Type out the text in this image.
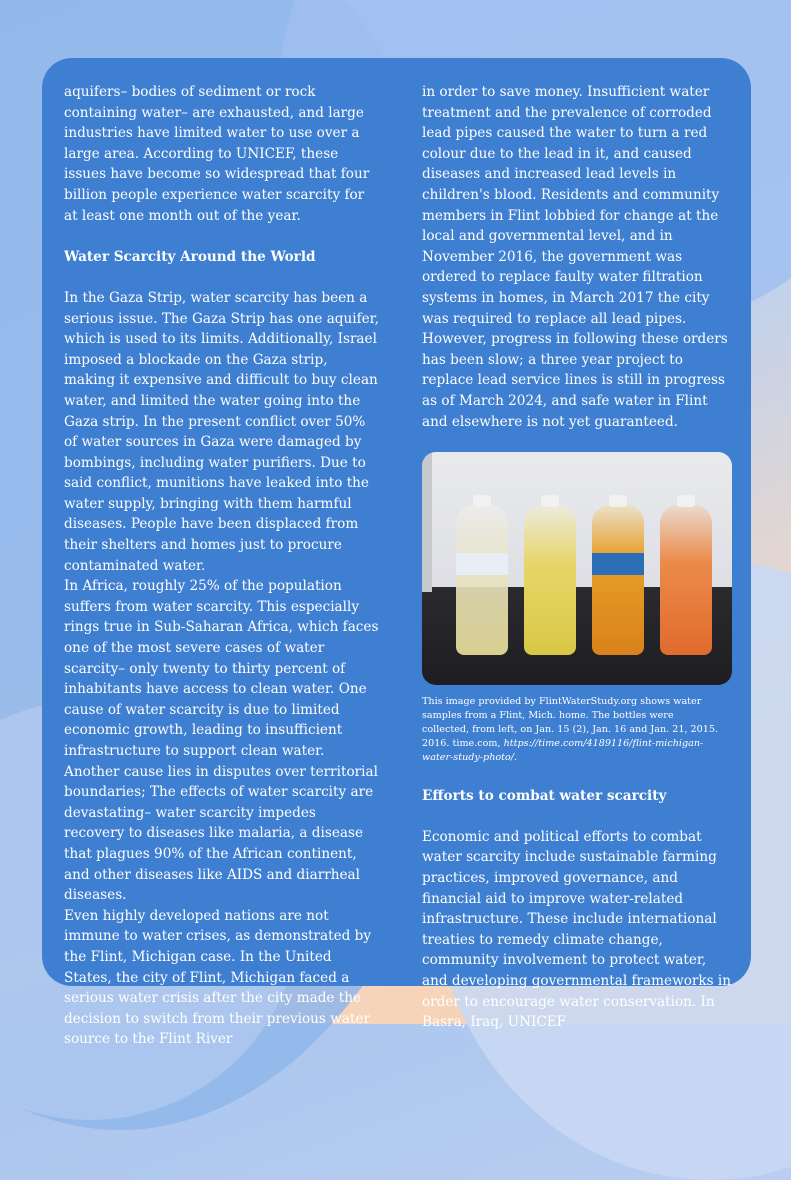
aquifers– bodies of sediment or rock containing water– are exhausted, and large industries have limited water to use over a large area. According to UNICEF, these issues have become so widespread that four billion people experience water scarcity for at least one month out of the year.

Water Scarcity Around the World

In the Gaza Strip, water scarcity has been a serious issue. The Gaza Strip has one aquifer, which is used to its limits. Additionally, Israel imposed a blockade on the Gaza strip, making it expensive and difficult to buy clean water, and limited the water going into the Gaza strip. In the present conflict over 50% of water sources in Gaza were damaged by bombings, including water purifiers. Due to said conflict, munitions have leaked into the water supply, bringing with them harmful diseases. People have been displaced from their shelters and homes just to procure contaminated water.

In Africa, roughly 25% of the population suffers from water scarcity. This especially rings true in Sub-Saharan Africa, which faces one of the most severe cases of water scarcity– only twenty to thirty percent of inhabitants have access to clean water. One cause of water scarcity is due to limited economic growth, leading to insufficient infrastructure to support clean water. Another cause lies in disputes over territorial boundaries; The effects of water scarcity are devastating– water scarcity impedes recovery to diseases like malaria, a disease that plagues 90% of the African continent, and other diseases like AIDS and diarrheal diseases.

Even highly developed nations are not immune to water crises, as demonstrated by the Flint, Michigan case. In the United States, the city of Flint, Michigan faced a serious water crisis after the city made the decision to switch from their previous water source to the Flint River

in order to save money. Insufficient water treatment and the prevalence of corroded lead pipes caused the water to turn a red colour due to the lead in it, and caused diseases and increased lead levels in children's blood. Residents and community members in Flint lobbied for change at the local and governmental level, and in November 2016, the government was ordered to replace faulty water filtration systems in homes, in March 2017 the city was required to replace all lead pipes. However, progress in following these orders has been slow; a three year project to replace lead service lines is still in progress as of March 2024, and safe water in Flint and elsewhere is not yet guaranteed.

This image provided by FlintWaterStudy.org shows water samples from a Flint, Mich. home. The bottles were collected, from left, on Jan. 15 (2), Jan. 16 and Jan. 21, 2015. 2016. time.com, https://time.com/4189116/flint-michigan-water-study-photo/.

Efforts to combat water scarcity

Economic and political efforts to combat water scarcity include sustainable farming practices, improved governance, and financial aid to improve water-related infrastructure. These include international treaties to remedy climate change, community involvement to protect water, and developing governmental frameworks in order to encourage water conservation. In Basra, Iraq, UNICEF
